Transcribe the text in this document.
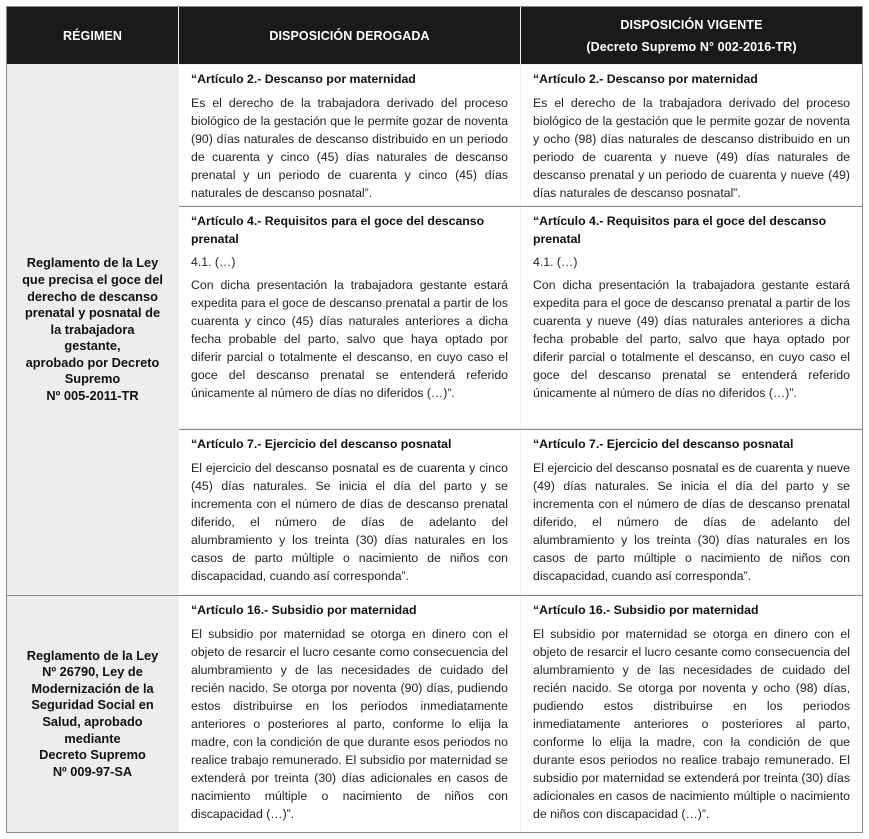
RÉGIMEN	DISPOSICIÓN DEROGADA
DISPOSICIÓN VIGENTE
(Decreto Supremo N° 002-2016-TR)
Reglamento de la Ley
que precisa el goce del
derecho de descanso
prenatal y posnatal de
la trabajadora gestante,
aprobado por Decreto
Supremo
Nº 005-2011-TR
Reglamento de la Ley
Nº 26790, Ley de
Modernización de la
Seguridad Social en
Salud, aprobado mediante
Decreto Supremo
Nº 009-97-SA
“Artículo 2.- Descanso por maternidad

Es el derecho de la trabajadora derivado del proceso biológico de la gestación que le permite gozar de noventa (90) días naturales de descanso distribuido en un periodo de cuarenta y cinco (45) días naturales de descanso prenatal y un periodo de cuarenta y cinco (45) días naturales de descanso posnatal”.

“Artículo 2.- Descanso por maternidad

Es el derecho de la trabajadora derivado del proceso biológico de la gestación que le permite gozar de noventa y ocho (98) días naturales de descanso distribuido en un periodo de cuarenta y nueve (49) días naturales de descanso prenatal y un periodo de cuarenta y nueve (49) días naturales de descanso posnatal”.

“Artículo 4.- Requisitos para el goce del descanso prenatal

4.1. (…)

Con dicha presentación la trabajadora gestante estará expedita para el goce de descanso prenatal a partir de los cuarenta y cinco (45) días naturales anteriores a dicha fecha probable del parto, salvo que haya optado por diferir parcial o totalmente el descanso, en cuyo caso el goce del descanso prenatal se entenderá referido únicamente al número de días no diferidos (…)”.

“Artículo 4.- Requisitos para el goce del descanso prenatal

4.1. (…)

Con dicha presentación la trabajadora gestante estará expedita para el goce de descanso prenatal a partir de los cuarenta y nueve (49) días naturales anteriores a dicha fecha probable del parto, salvo que haya optado por diferir parcial o totalmente el descanso, en cuyo caso el goce del descanso prenatal se entenderá referido únicamente al número de días no diferidos (…)”.

“Artículo 7.- Ejercicio del descanso posnatal

El ejercicio del descanso posnatal es de cuarenta y cinco (45) días naturales. Se inicia el día del parto y se incrementa con el número de días de descanso prenatal diferido, el número de días de adelanto del alumbramiento y los treinta (30) días naturales en los casos de parto múltiple o nacimiento de niños con discapacidad, cuando así corresponda”.

“Artículo 7.- Ejercicio del descanso posnatal

El ejercicio del descanso posnatal es de cuarenta y nueve (49) días naturales. Se inicia el día del parto y se incrementa con el número de días de descanso prenatal diferido, el número de días de adelanto del alumbramiento y los treinta (30) días naturales en los casos de parto múltiple o nacimiento de niños con discapacidad, cuando así corresponda”.

“Artículo 16.- Subsidio por maternidad

El subsidio por maternidad se otorga en dinero con el objeto de resarcir el lucro cesante como consecuencia del alumbramiento y de las necesidades de cuidado del recién nacido. Se otorga por noventa (90) días, pudiendo estos distribuirse en los periodos inmediatamente anteriores o posteriores al parto, conforme lo elija la madre, con la condición de que durante esos periodos no realice trabajo remunerado. El subsidio por maternidad se extenderá por treinta (30) días adicionales en casos de nacimiento múltiple o nacimiento de niños con discapacidad (…)”.

“Artículo 16.- Subsidio por maternidad

El subsidio por maternidad se otorga en dinero con el objeto de resarcir el lucro cesante como consecuencia del alumbramiento y de las necesidades de cuidado del recién nacido. Se otorga por noventa y ocho (98) días, pudiendo estos distribuirse en los periodos inmediatamente anteriores o posteriores al parto, conforme lo elija la madre, con la condición de que durante esos periodos no realice trabajo remunerado. El subsidio por maternidad se extenderá por treinta (30) días adicionales en casos de nacimiento múltiple o nacimiento de niños con discapacidad (…)”.
